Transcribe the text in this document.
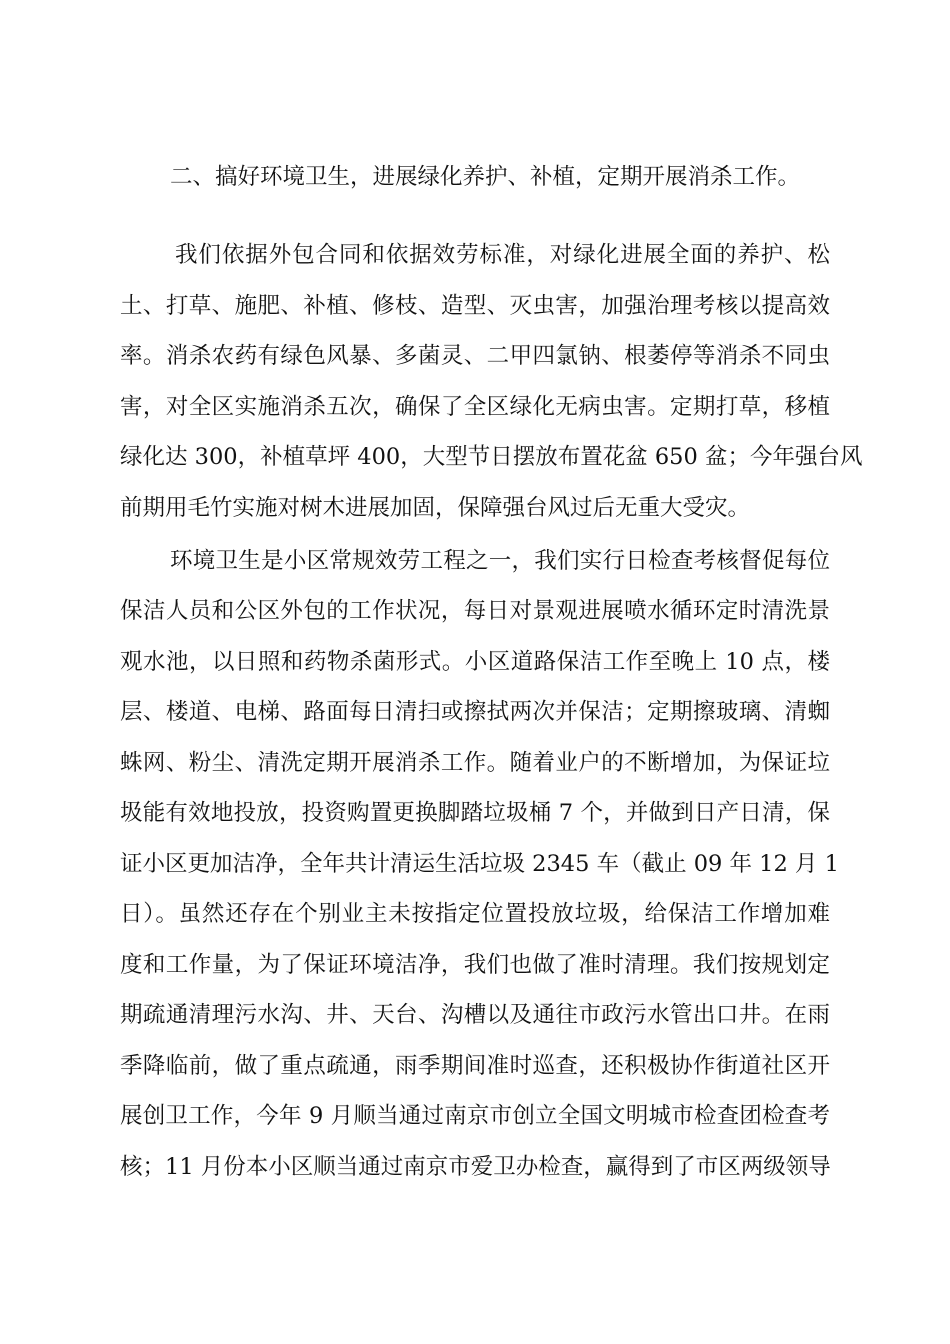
二、搞好环境卫生，进展绿化养护、补植，定期开展消杀工作。
我们依据外包合同和依据效劳标准，对绿化进展全面的养护、松
土、打草、施肥、补植、修枝、造型、灭虫害，加强治理考核以提高效
率。消杀农药有绿色风暴、多菌灵、二甲四氯钠、根萎停等消杀不同虫
害，对全区实施消杀五次，确保了全区绿化无病虫害。定期打草，移植
绿化达 300，补植草坪 400，大型节日摆放布置花盆 650 盆；今年强台风
前期用毛竹实施对树木进展加固，保障强台风过后无重大受灾。
环境卫生是小区常规效劳工程之一，我们实行日检查考核督促每位
保洁人员和公区外包的工作状况，每日对景观进展喷水循环定时清洗景
观水池，以日照和药物杀菌形式。小区道路保洁工作至晚上 10 点，楼
层、楼道、电梯、路面每日清扫或擦拭两次并保洁；定期擦玻璃、清蜘
蛛网、粉尘、清洗定期开展消杀工作。随着业户的不断增加，为保证垃
圾能有效地投放，投资购置更换脚踏垃圾桶 7 个，并做到日产日清，保
证小区更加洁净，全年共计清运生活垃圾 2345 车（截止 09 年 12 月 1
日）。虽然还存在个别业主未按指定位置投放垃圾，给保洁工作增加难
度和工作量，为了保证环境洁净，我们也做了准时清理。我们按规划定
期疏通清理污水沟、井、天台、沟槽以及通往市政污水管出口井。在雨
季降临前，做了重点疏通，雨季期间准时巡查，还积极协作街道社区开
展创卫工作，今年 9 月顺当通过南京市创立全国文明城市检查团检查考
核；11 月份本小区顺当通过南京市爱卫办检查，赢得到了市区两级领导
